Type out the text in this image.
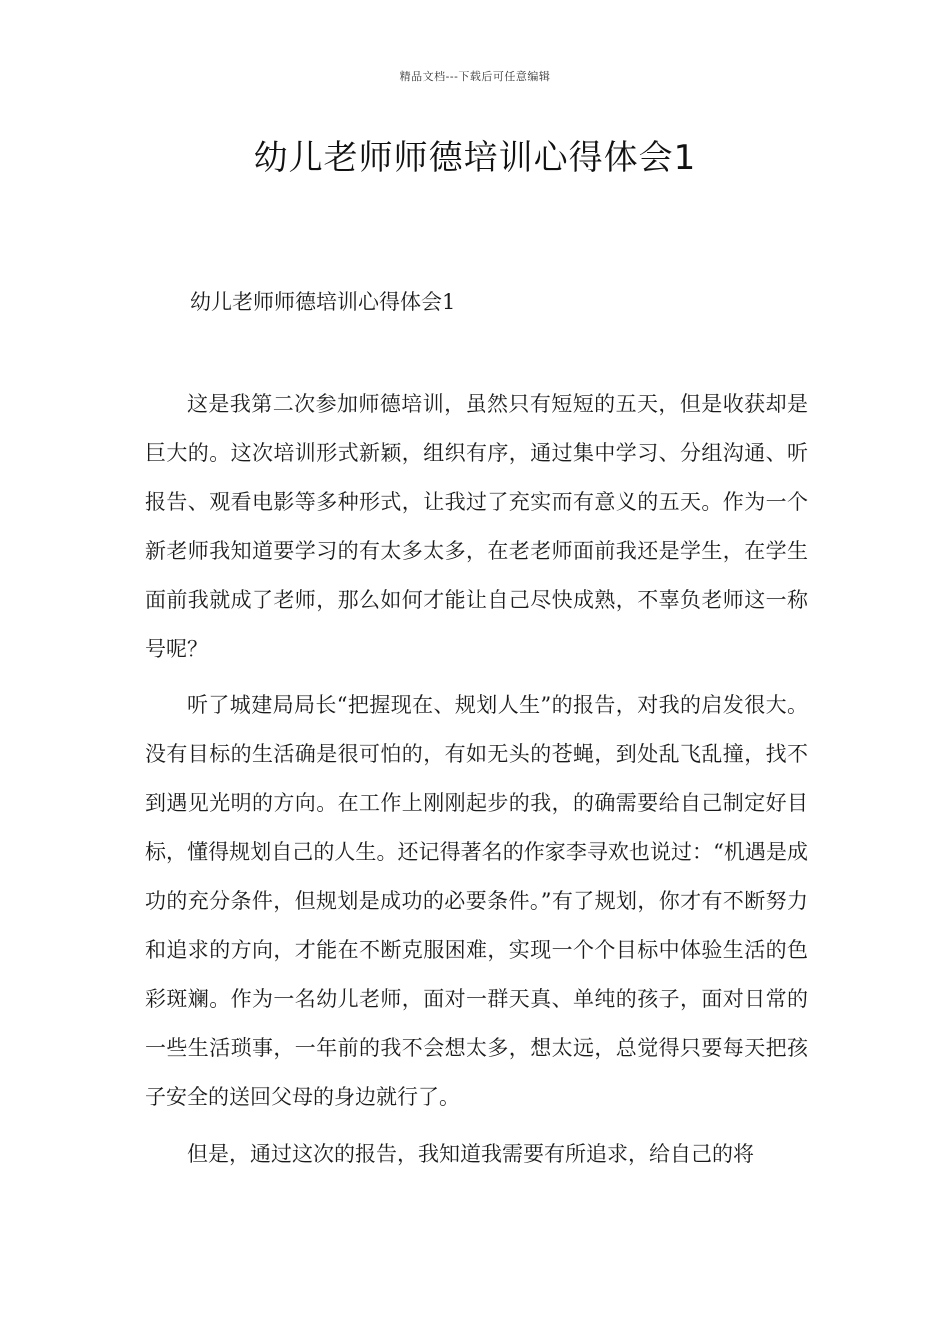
精品文档---下载后可任意编辑
幼儿老师师德培训心得体会1

幼儿老师师德培训心得体会1

这是我第二次参加师德培训，虽然只有短短的五天，但是收获却是巨大的。这次培训形式新颖，组织有序，通过集中学习、分组沟通、听报告、观看电影等多种形式，让我过了充实而有意义的五天。作为一个新老师我知道要学习的有太多太多，在老老师面前我还是学生，在学生面前我就成了老师，那么如何才能让自己尽快成熟，不辜负老师这一称号呢？

听了城建局局长“把握现在、规划人生”的报告，对我的启发很大。没有目标的生活确是很可怕的，有如无头的苍蝇，到处乱飞乱撞，找不到遇见光明的方向。在工作上刚刚起步的我，的确需要给自己制定好目标，懂得规划自己的人生。还记得著名的作家李寻欢也说过：“机遇是成功的充分条件，但规划是成功的必要条件。”有了规划，你才有不断努力和追求的方向，才能在不断克服困难，实现一个个目标中体验生活的色彩斑斓。作为一名幼儿老师，面对一群天真、单纯的孩子，面对日常的一些生活琐事，一年前的我不会想太多，想太远，总觉得只要每天把孩子安全的送回父母的身边就行了。

但是，通过这次的报告，我知道我需要有所追求，给自己的将
